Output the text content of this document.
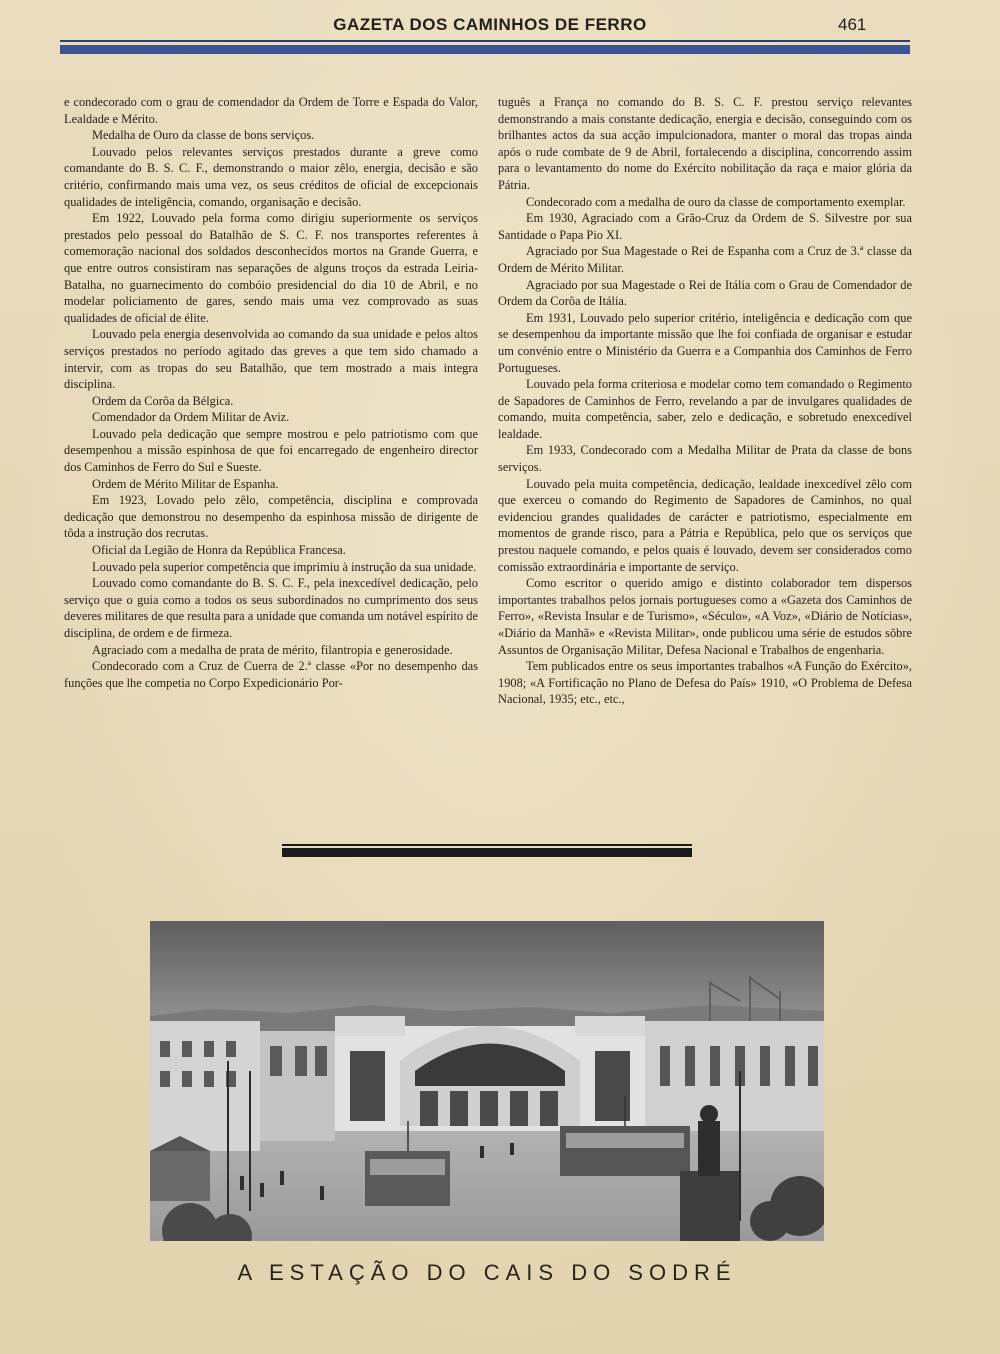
GAZETA DOS CAMINHOS DE FERRO	461

e condecorado com o grau de comendador da Ordem de Torre e Espada do Valor, Lealdade e Mérito.

Medalha de Ouro da classe de bons serviços.

Louvado pelos relevantes serviços prestados durante a greve como comandante do B. S. C. F., demonstrando o maior zêlo, energia, decisão e são critério, confirmando mais uma vez, os seus créditos de oficial de excepcionais qualidades de inteligência, comando, organisação e decisão.

Em 1922, Louvado pela forma como dirigiu superiormente os serviços prestados pelo pessoal do Batalhão de S. C. F. nos transportes referentes à comemoração nacional dos soldados desconhecidos mortos na Grande Guerra, e que entre outros consistiram nas separações de alguns troços da estrada Leiria-Batalha, no guarnecimento do combóio presidencial do dia 10 de Abril, e no modelar policiamento de gares, sendo mais uma vez comprovado as suas qualidades de oficial de élite.

Louvado pela energia desenvolvida ao comando da sua unidade e pelos altos serviços prestados no período agitado das greves a que tem sido chamado a intervir, com as tropas do seu Batalhão, que tem mostrado a mais integra disciplina.

Ordem da Corôa da Bélgica.

Comendador da Ordem Militar de Aviz.

Louvado pela dedicação que sempre mostrou e pelo patriotismo com que desempenhou a missão espinhosa de que foi encarregado de engenheiro director dos Caminhos de Ferro do Sul e Sueste.

Ordem de Mérito Militar de Espanha.

Em 1923, Lovado pelo zêlo, competência, disciplina e comprovada dedicação que demonstrou no desempenho da espinhosa missão de dirigente de tôda a instrução dos recrutas.

Oficial da Legião de Honra da República Francesa.

Louvado pela superior competência que imprimiu à instrução da sua unidade.

Louvado como comandante do B. S. C. F., pela inexcedível dedicação, pelo serviço que o guia como a todos os seus subordinados no cumprimento dos seus deveres militares de que resulta para a unidade que comanda um notável espírito de disciplina, de ordem e de firmeza.

Agraciado com a medalha de prata de mérito, filantropia e generosidade.

Condecorado com a Cruz de Cuerra de 2.ª classe «Por no desempenho das funções que lhe competia no Corpo Expedicionário Por-

tuguês a França no comando do B. S. C. F. prestou serviço relevantes demonstrando a mais constante dedicação, energia e decisão, conseguindo com os brilhantes actos da sua acção impulcionadora, manter o moral das tropas ainda após o rude combate de 9 de Abril, fortalecendo a disciplina, concorrendo assim para o levantamento do nome do Exército nobilitação da raça e maior glória da Pátria.

Condecorado com a medalha de ouro da classe de comportamento exemplar.

Em 1930, Agraciado com a Grão-Cruz da Ordem de S. Silvestre por sua Santidade o Papa Pio XI.

Agraciado por Sua Magestade o Rei de Espanha com a Cruz de 3.ª classe da Ordem de Mérito Militar.

Agraciado por sua Magestade o Rei de Itália com o Grau de Comendador de Ordem da Corôa de Itália.

Em 1931, Louvado pelo superior critério, inteligência e dedicação com que se desempenhou da importante missão que lhe foi confiada de organisar e estudar um convénio entre o Ministério da Guerra e a Companhia dos Caminhos de Ferro Portugueses.

Louvado pela forma criteriosa e modelar como tem comandado o Regimento de Sapadores de Caminhos de Ferro, revelando a par de invulgares qualidades de comando, muita competência, saber, zelo e dedicação, e sobretudo enexcedível lealdade.

Em 1933, Condecorado com a Medalha Militar de Prata da classe de bons serviços.

Louvado pela muita competência, dedicação, lealdade inexcedível zêlo com que exerceu o comando do Regimento de Sapadores de Caminhos, no qual evidenciou grandes qualidades de carácter e patriotismo, especialmente em momentos de grande risco, para a Pátria e República, pelo que os serviços que prestou naquele comando, e pelos quais é louvado, devem ser considerados como comissão extraordinária e importante de serviço.

Como escritor o querido amigo e distinto colaborador tem dispersos importantes trabalhos pelos jornais portugueses como a «Gazeta dos Caminhos de Ferro», «Revista Insular e de Turismo», «Século», «A Voz», «Diário de Notícias», «Diário da Manhã» e «Revista Militar», onde publicou uma série de estudos sôbre Assuntos de Organisação Militar, Defesa Nacional e Trabalhos de engenharia.

Tem publicados entre os seus importantes trabalhos «A Função do Exército», 1908; «A Fortificação no Plano de Defesa do País» 1910, «O Problema de Defesa Nacional, 1935; etc., etc.,

A ESTAÇÃO DO CAIS DO SODRÉ
